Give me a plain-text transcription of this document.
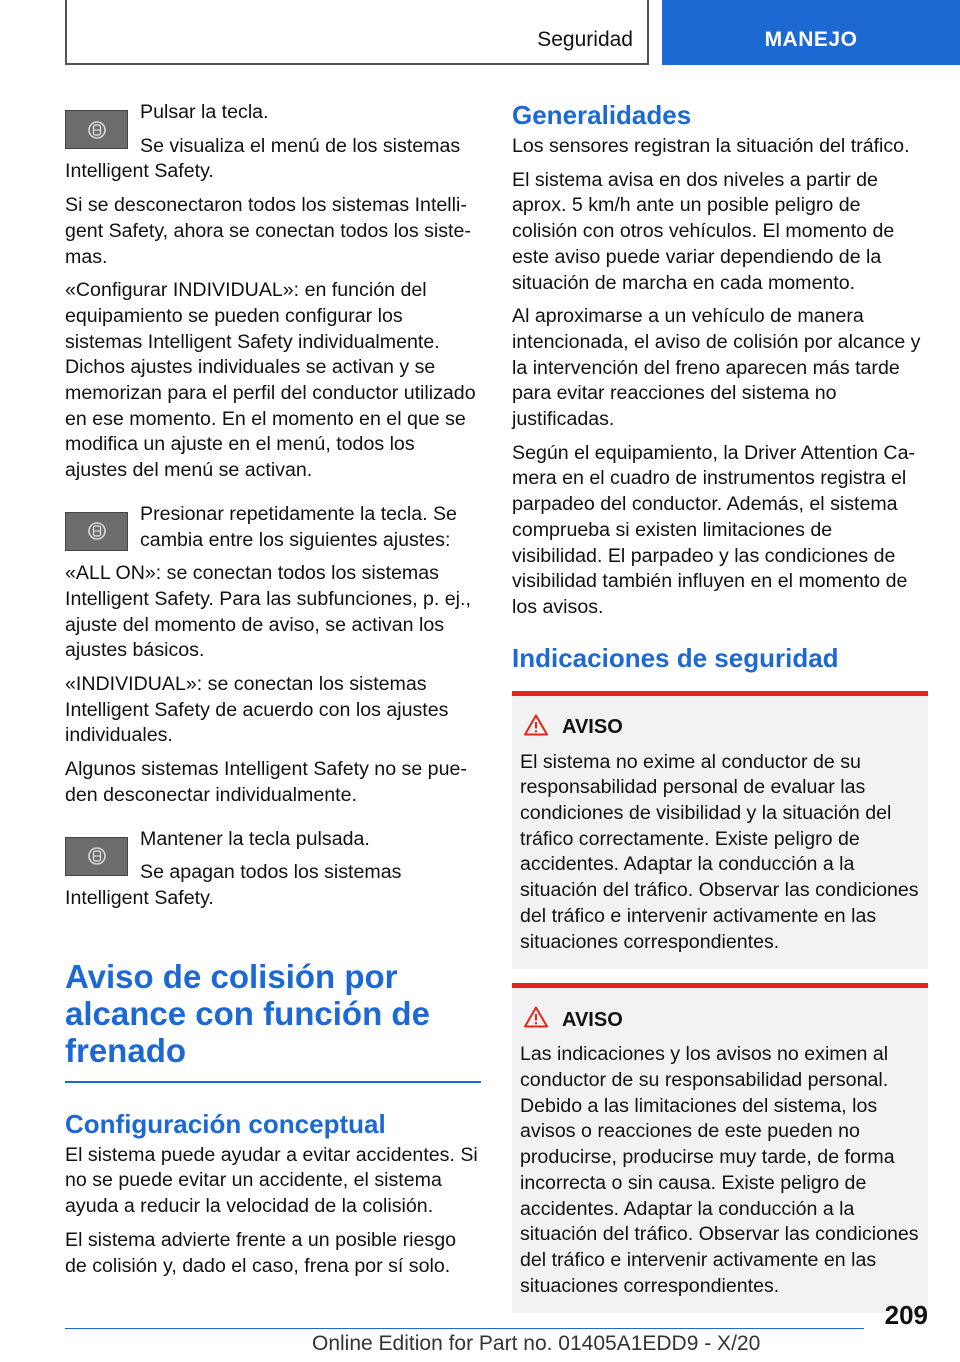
Seguridad	MANEJO

Pulsar la tecla.

Se visualiza el menú de los sistemas Intelligent Safety.

Si se desconectaron todos los sistemas Intelligent Safety, ahora se conectan todos los sistemas.

«Configurar INDIVIDUAL»: en función del equipamiento se pueden configurar los sistemas Intelligent Safety individualmente. Dichos ajustes individuales se activan y se memorizan para el perfil del conductor utilizado en ese momento. En el momento en el que se modifica un ajuste en el menú, todos los ajustes del menú se activan.

Presionar repetidamente la tecla. Se cambia entre los siguientes ajustes:

«ALL ON»: se conectan todos los sistemas Intelligent Safety. Para las subfunciones, p. ej., ajuste del momento de aviso, se activan los ajustes básicos.

«INDIVIDUAL»: se conectan los sistemas Intelligent Safety de acuerdo con los ajustes individuales.

Algunos sistemas Intelligent Safety no se pueden desconectar individualmente.

Mantener la tecla pulsada.

Se apagan todos los sistemas Intelligent Safety.

Aviso de colisión por alcance con función de frenado
Configuración conceptual

El sistema puede ayudar a evitar accidentes. Si no se puede evitar un accidente, el sistema ayuda a reducir la velocidad de la colisión.

El sistema advierte frente a un posible riesgo de colisión y, dado el caso, frena por sí solo.

Generalidades

Los sensores registran la situación del tráfico.

El sistema avisa en dos niveles a partir de aprox. 5 km/h ante un posible peligro de colisión con otros vehículos. El momento de este aviso puede variar dependiendo de la situación de marcha en cada momento.

Al aproximarse a un vehículo de manera intencionada, el aviso de colisión por alcance y la intervención del freno aparecen más tarde para evitar reacciones del sistema no justificadas.

Según el equipamiento, la Driver Attention Camera en el cuadro de instrumentos registra el parpadeo del conductor. Además, el sistema comprueba si existen limitaciones de visibilidad. El parpadeo y las condiciones de visibilidad también influyen en el momento de los avisos.

Indicaciones de seguridad
AVISO

El sistema no exime al conductor de su responsabilidad personal de evaluar las condiciones de visibilidad y la situación del tráfico correctamente. Existe peligro de accidentes. Adaptar la conducción a la situación del tráfico. Observar las condiciones del tráfico e intervenir activamente en las situaciones correspondientes.

AVISO

Las indicaciones y los avisos no eximen al conductor de su responsabilidad personal. Debido a las limitaciones del sistema, los avisos o reacciones de este pueden no producirse, producirse muy tarde, de forma incorrecta o sin causa. Existe peligro de accidentes. Adaptar la conducción a la situación del tráfico. Observar las condiciones del tráfico e intervenir activamente en las situaciones correspondientes.

209
Online Edition for Part no. 01405A1EDD9 - X/20
